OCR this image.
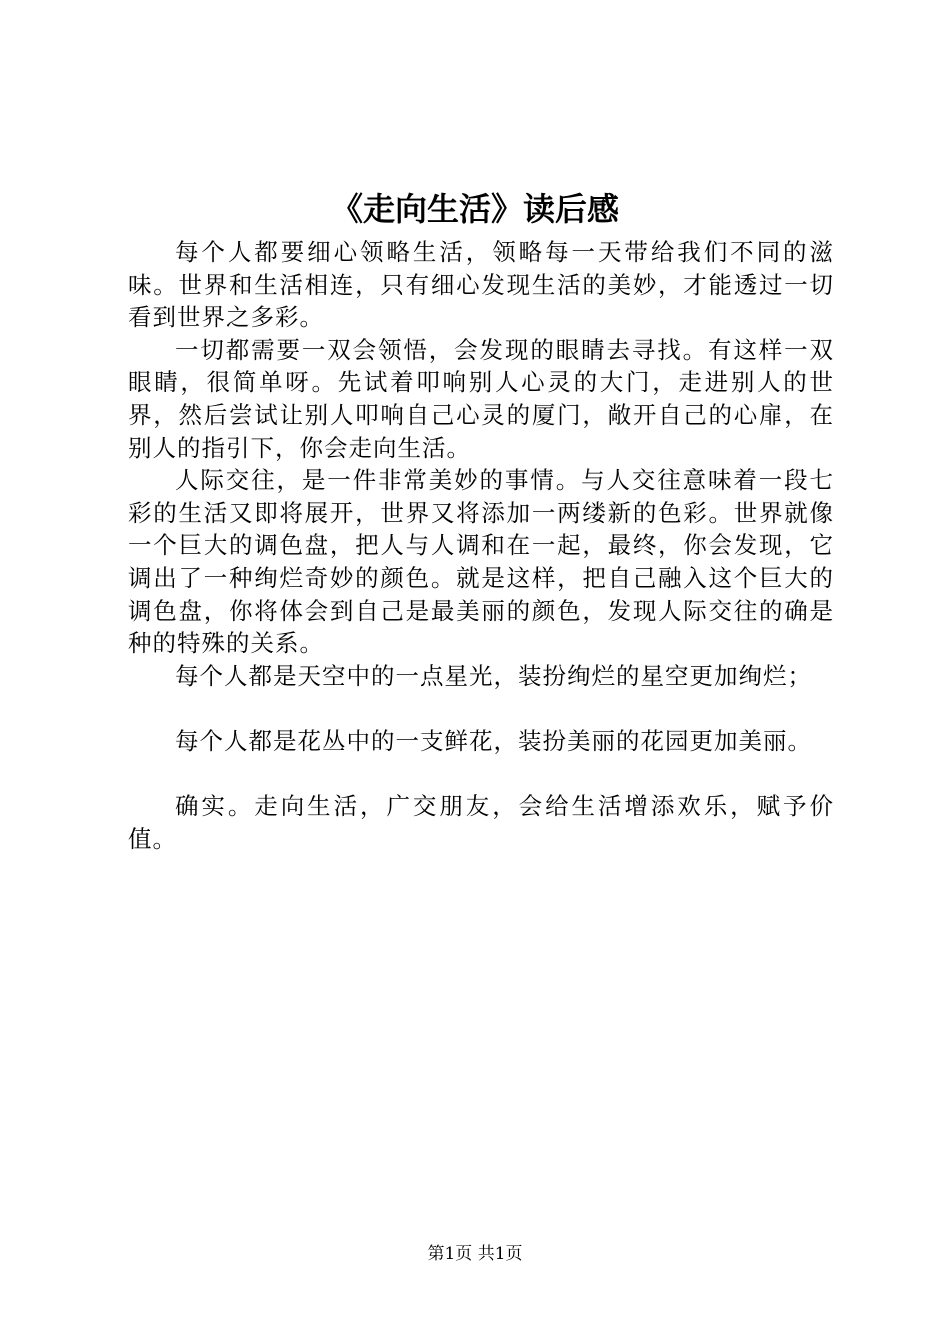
《走向生活》读后感

每个人都要细心领略生活，领略每一天带给我们不同的滋味。世界和生活相连，只有细心发现生活的美妙，才能透过一切看到世界之多彩。

一切都需要一双会领悟，会发现的眼睛去寻找。有这样一双眼睛，很简单呀。先试着叩响别人心灵的大门，走进别人的世界，然后尝试让别人叩响自己心灵的厦门，敞开自己的心扉，在别人的指引下，你会走向生活。

人际交往，是一件非常美妙的事情。与人交往意味着一段七彩的生活又即将展开，世界又将添加一两缕新的色彩。世界就像一个巨大的调色盘，把人与人调和在一起，最终，你会发现，它调出了一种绚烂奇妙的颜色。就是这样，把自己融入这个巨大的调色盘，你将体会到自己是最美丽的颜色，发现人际交往的确是种的特殊的关系。

每个人都是天空中的一点星光，装扮绚烂的星空更加绚烂；

每个人都是花丛中的一支鲜花，装扮美丽的花园更加美丽。

确实。走向生活，广交朋友，会给生活增添欢乐，赋予价值。

第1页 共1页
